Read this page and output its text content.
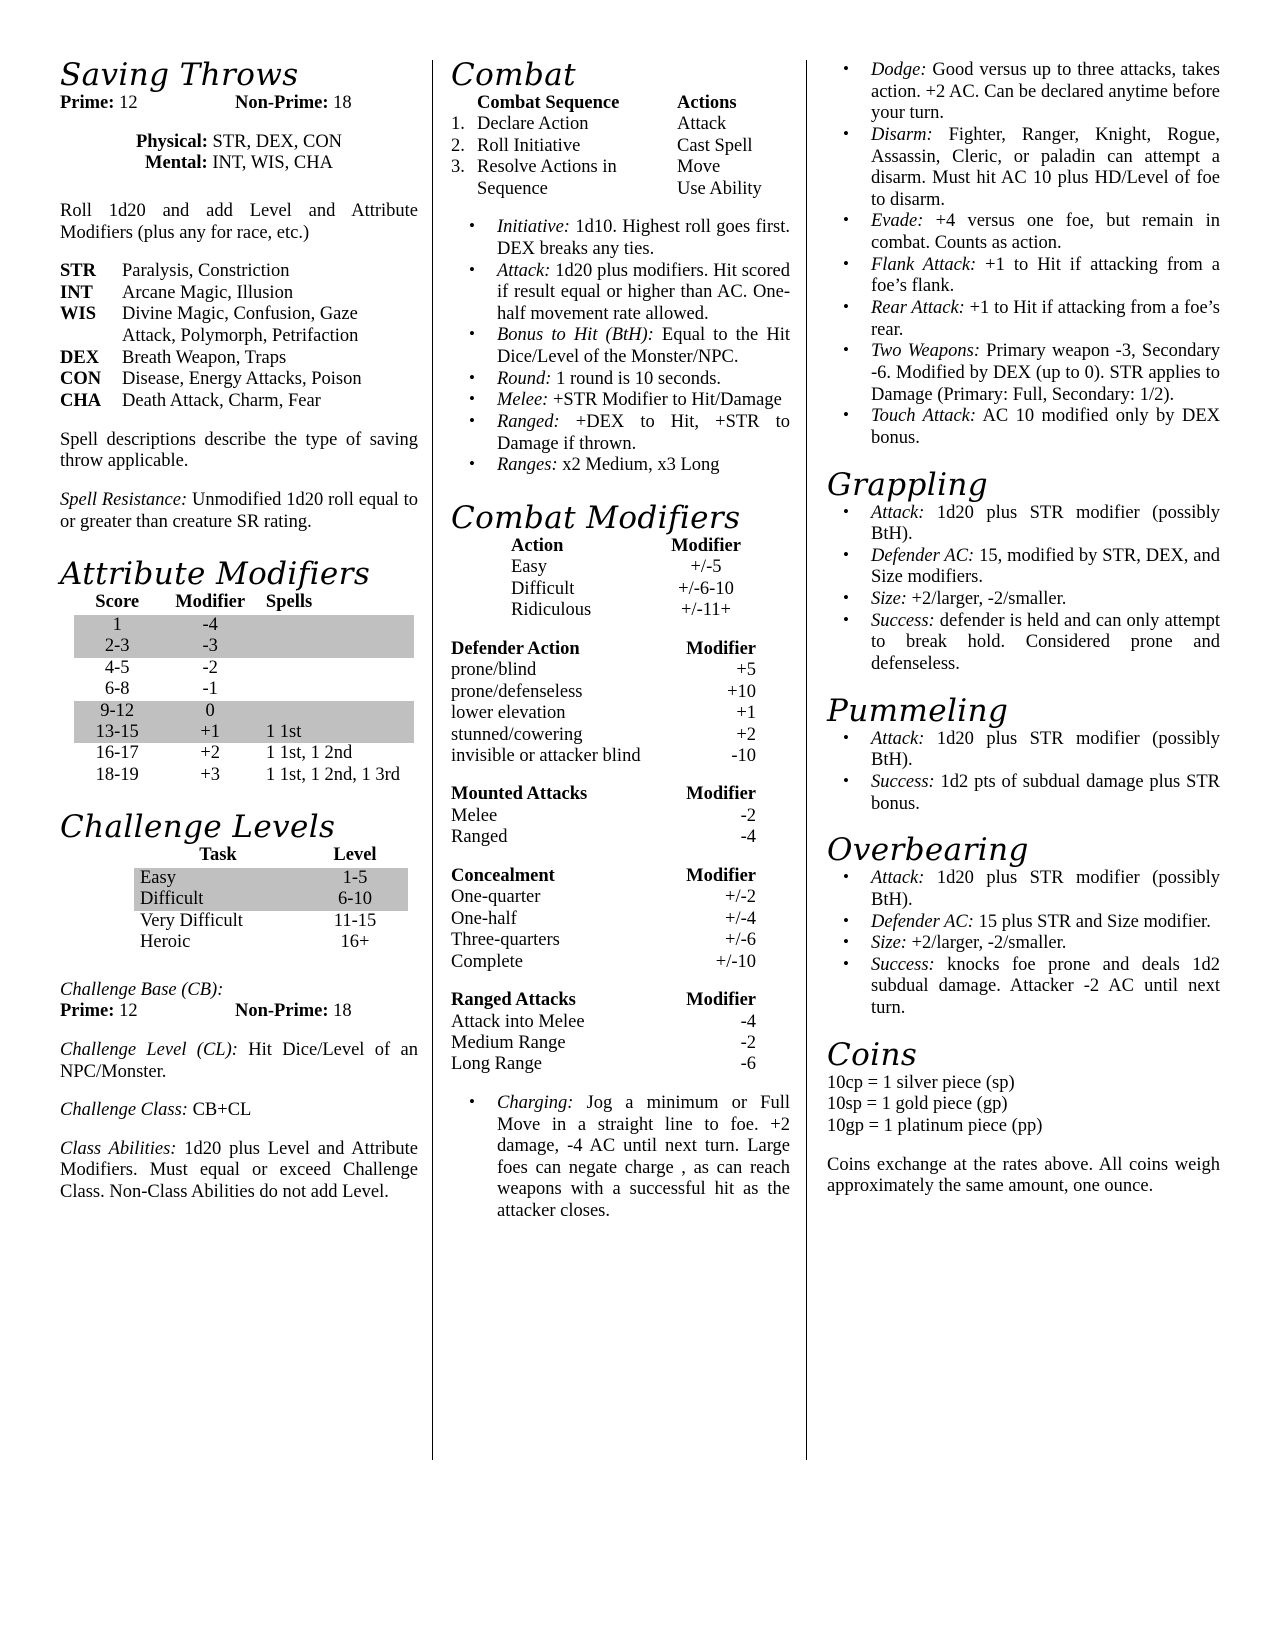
Saving Throws
Prime: 12	Non-Prime: 18

Physical: STR, DEX, CON

Mental: INT, WIS, CHA

Roll 1d20 and add Level and Attribute Modifiers (plus any for race, etc.)

STR	Paralysis, Constriction
INT	Arcane Magic, Illusion
WIS	Divine Magic, Confusion, Gaze
Attack, Polymorph, Petrifaction
DEX	Breath Weapon, Traps
CON	Disease, Energy Attacks, Poison
CHA	Death Attack, Charm, Fear

Spell descriptions describe the type of saving throw applicable.

Spell Resistance: Unmodified 1d20 roll equal to or greater than creature SR rating.

Attribute Modifiers
Score	Modifier	Spells
1	-4	
2-3	-3	
4-5	-2	
6-8	-1	
9-12	0	
13-15	+1	1 1st
16-17	+2	1 1st, 1 2nd
18-19	+3	1 1st, 1 2nd, 1 3rd
Challenge Levels
Task	Level
Easy	1-5
Difficult	6-10
Very Difficult	11-15
Heroic	16+

Challenge Base (CB):

Prime: 12	Non-Prime: 18

Challenge Level (CL): Hit Dice/Level of an NPC/Monster.

Challenge Class: CB+CL

Class Abilities: 1d20 plus Level and Attribute Modifiers. Must equal or exceed Challenge Class. Non-Class Abilities do not add Level.

Combat
	Combat Sequence	Actions
1.	Declare Action	Attack
2.	Roll Initiative	Cast Spell
3.	Resolve Actions in	Move
	Sequence	Use Ability
• Initiative: 1d10. Highest roll goes first. DEX breaks any ties.
• Attack: 1d20 plus modifiers. Hit scored if result equal or higher than AC. One-half movement rate allowed.
• Bonus to Hit (BtH): Equal to the Hit Dice/Level of the Monster/NPC.
• Round: 1 round is 10 seconds.
• Melee: +STR Modifier to Hit/Damage
• Ranged: +DEX to Hit, +STR to Damage if thrown.
• Ranges: x2 Medium, x3 Long
Combat Modifiers
Action	Modifier
Easy	+/-5
Difficult	+/-6-10
Ridiculous	+/-11+
Defender Action	Modifier
prone/blind	+5
prone/defenseless	+10
lower elevation	+1
stunned/cowering	+2
invisible or attacker blind	-10
Mounted Attacks	Modifier
Melee	-2
Ranged	-4
Concealment	Modifier
One-quarter	+/-2
One-half	+/-4
Three-quarters	+/-6
Complete	+/-10
Ranged Attacks	Modifier
Attack into Melee	-4
Medium Range	-2
Long Range	-6
• Charging: Jog a minimum or Full Move in a straight line to foe. +2 damage, -4 AC until next turn. Large foes can negate charge , as can reach weapons with a successful hit as the attacker closes.
• Dodge: Good versus up to three attacks, takes action. +2 AC. Can be declared anytime before your turn.
• Disarm: Fighter, Ranger, Knight, Rogue, Assassin, Cleric, or paladin can attempt a disarm. Must hit AC 10 plus HD/Level of foe to disarm.
• Evade: +4 versus one foe, but remain in combat. Counts as action.
• Flank Attack: +1 to Hit if attacking from a foe’s flank.
• Rear Attack: +1 to Hit if attacking from a foe’s rear.
• Two Weapons: Primary weapon -3, Secondary -6. Modified by DEX (up to 0). STR applies to Damage (Primary: Full, Secondary: 1/2).
• Touch Attack: AC 10 modified only by DEX bonus.
Grappling
• Attack: 1d20 plus STR modifier (possibly BtH).
• Defender AC: 15, modified by STR, DEX, and Size modifiers.
• Size: +2/larger, -2/smaller.
• Success: defender is held and can only attempt to break hold. Considered prone and defenseless.
Pummeling
• Attack: 1d20 plus STR modifier (possibly BtH).
• Success: 1d2 pts of subdual damage plus STR bonus.
Overbearing
• Attack: 1d20 plus STR modifier (possibly BtH).
• Defender AC: 15 plus STR and Size modifier.
• Size: +2/larger, -2/smaller.
• Success: knocks foe prone and deals 1d2 subdual damage. Attacker -2 AC until next turn.
Coins

10cp = 1 silver piece (sp)

10sp = 1 gold piece (gp)

10gp = 1 platinum piece (pp)

Coins exchange at the rates above. All coins weigh approximately the same amount, one ounce.
